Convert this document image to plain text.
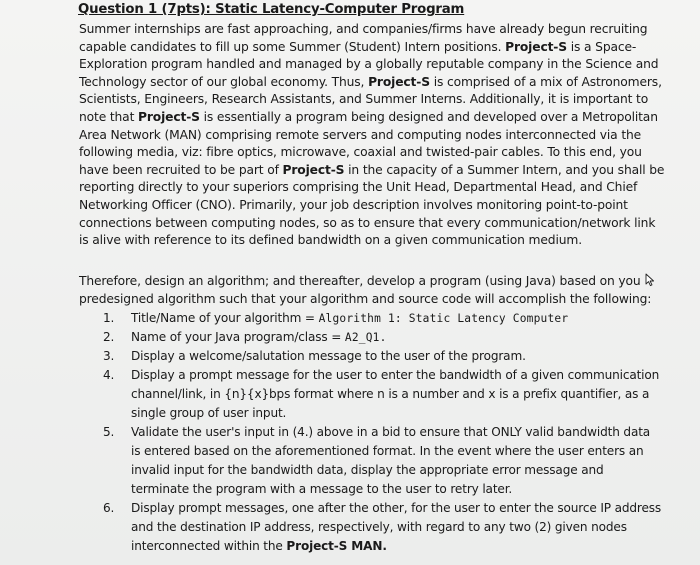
Question 1 (7pts): Static Latency-Computer Program
Summer internships are fast approaching, and companies/firms have already begun recruiting
capable candidates to fill up some Summer (Student) Intern positions. Project-S is a Space-
Exploration program handled and managed by a globally reputable company in the Science and
Technology sector of our global economy. Thus, Project-S is comprised of a mix of Astronomers,
Scientists, Engineers, Research Assistants, and Summer Interns. Additionally, it is important to
note that Project-S is essentially a program being designed and developed over a Metropolitan
Area Network (MAN) comprising remote servers and computing nodes interconnected via the
following media, viz: fibre optics, microwave, coaxial and twisted-pair cables. To this end, you
have been recruited to be part of Project-S in the capacity of a Summer Intern, and you shall be
reporting directly to your superiors comprising the Unit Head, Departmental Head, and Chief
Networking Officer (CNO). Primarily, your job description involves monitoring point-to-point
connections between computing nodes, so as to ensure that every communication/network link
is alive with reference to its defined bandwidth on a given communication medium.
Therefore, design an algorithm; and thereafter, develop a program (using Java) based on you
predesigned algorithm such that your algorithm and source code will accomplish the following:
1. Title/Name of your algorithm = Algorithm 1: Static Latency Computer
2. Name of your Java program/class = A2_Q1.
3. Display a welcome/salutation message to the user of the program.
4. Display a prompt message for the user to enter the bandwidth of a given communication
channel/link, in {n}{x}bps format where n is a number and x is a prefix quantifier, as a
single group of user input.
5. Validate the user's input in (4.) above in a bid to ensure that ONLY valid bandwidth data
is entered based on the aforementioned format. In the event where the user enters an
invalid input for the bandwidth data, display the appropriate error message and
terminate the program with a message to the user to retry later.
6. Display prompt messages, one after the other, for the user to enter the source IP address
and the destination IP address, respectively, with regard to any two (2) given nodes
interconnected within the Project-S MAN.
